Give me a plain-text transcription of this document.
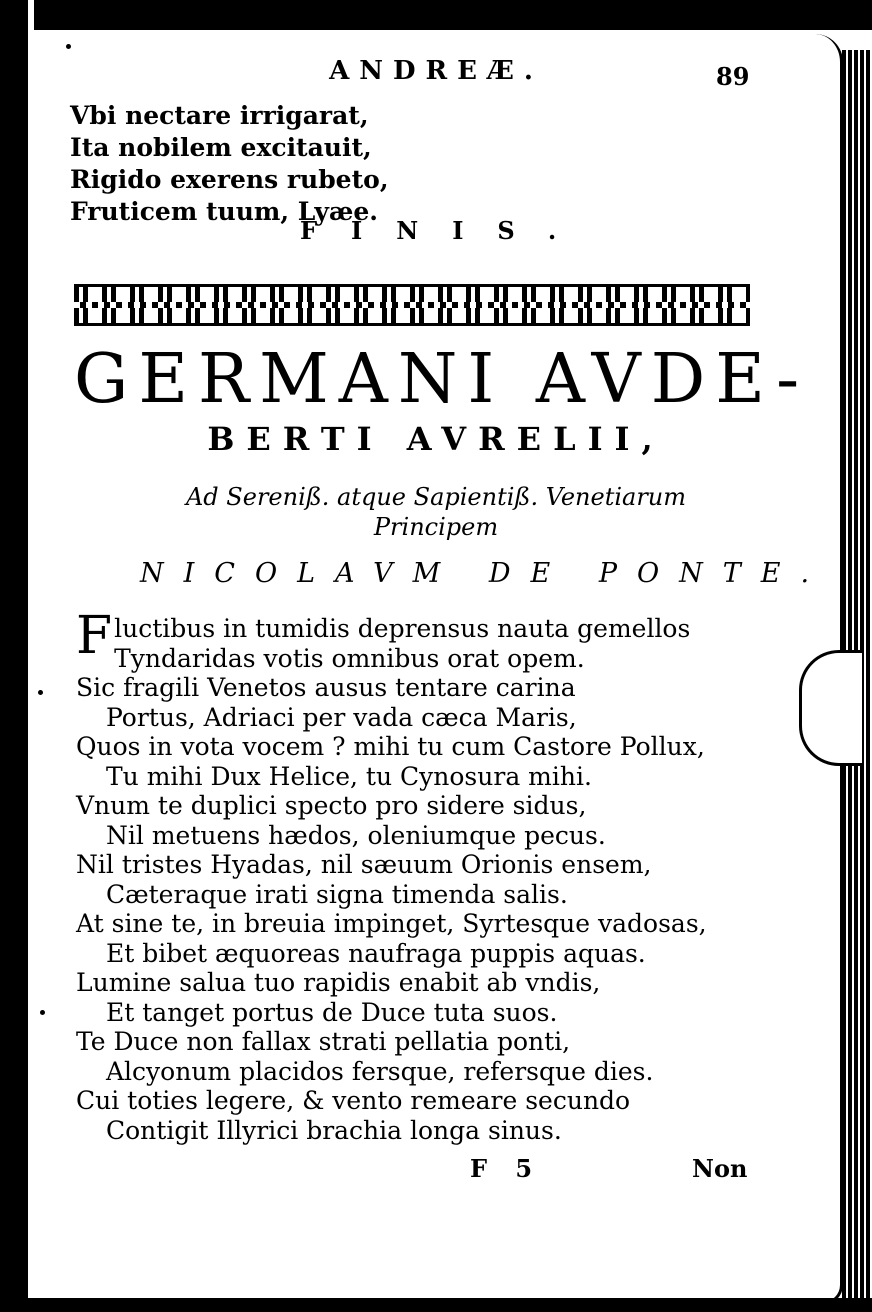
ANDREÆ.	89
Vbi nectare irrigarat,
Ita nobilem excitauit,
Rigido exerens rubeto,
Fruticem tuum, Lyæe.
FINIS.
GERMANI AVDE-
BERTI AVRELII,
Ad Sereniß. atque Sapientiß. Venetiarum
Principem
NICOLAVM DE PONTE.
Fluctibus in tumidis deprensus nauta gemellos
Tyndaridas votis omnibus orat opem.
Sic fragili Venetos ausus tentare carina
Portus, Adriaci per vada cæca Maris,
Quos in vota vocem ? mihi tu cum Castore Pollux,
Tu mihi Dux Helice, tu Cynosura mihi.
Vnum te duplici specto pro sidere sidus,
Nil metuens hædos, oleniumque pecus.
Nil tristes Hyadas, nil sæuum Orionis ensem,
Cæteraque irati signa timenda salis.
At sine te, in breuia impinget, Syrtesque vadosas,
Et bibet æquoreas naufraga puppis aquas.
Lumine salua tuo rapidis enabit ab vndis,
Et tanget portus de Duce tuta suos.
Te Duce non fallax strati pellatia ponti,
Alcyonum placidos fersque, refersque dies.
Cui toties legere, & vento remeare secundo
Contigit Illyrici brachia longa sinus.
F 5	Non
